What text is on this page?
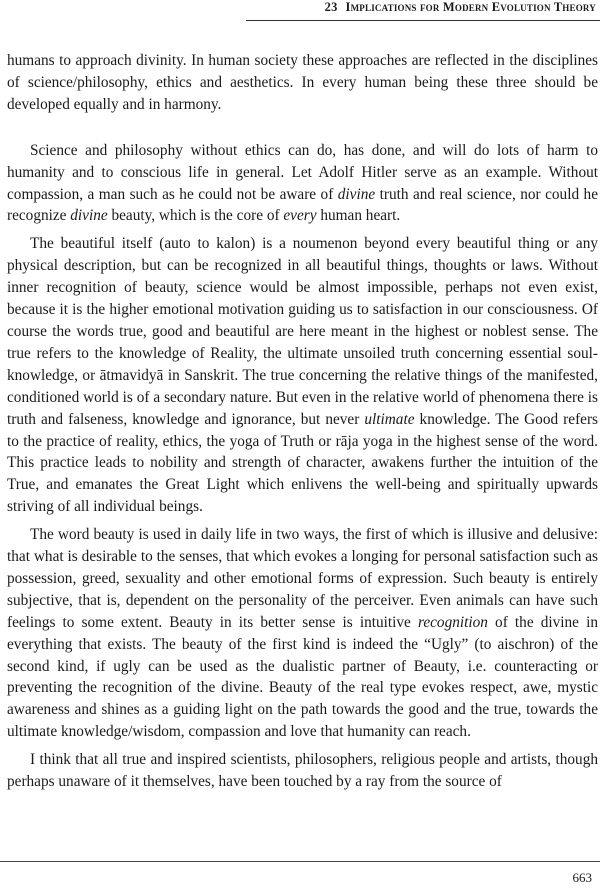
23 Implications for Modern Evolution Theory

humans to approach divinity. In human society these approaches are reflected in the disciplines of science/philosophy, ethics and aesthetics. In every human being these three should be developed equally and in harmony.

Science and philosophy without ethics can do, has done, and will do lots of harm to humanity and to conscious life in general. Let Adolf Hitler serve as an example. Without compassion, a man such as he could not be aware of divine truth and real science, nor could he recognize divine beauty, which is the core of every human heart.

The beautiful itself (auto to kalon) is a noumenon beyond every beautiful thing or any physical description, but can be recognized in all beautiful things, thoughts or laws. Without inner recognition of beauty, science would be almost impossible, perhaps not even exist, because it is the higher emotional motivation guiding us to satisfaction in our consciousness. Of course the words true, good and beautiful are here meant in the highest or noblest sense. The true refers to the knowledge of Reality, the ultimate unsoiled truth concerning essential soul-knowledge, or ātmavidyā in Sanskrit. The true concerning the relative things of the manifested, conditioned world is of a secondary nature. But even in the relative world of phenomena there is truth and falseness, knowledge and ignorance, but never ultimate knowledge. The Good refers to the practice of reality, ethics, the yoga of Truth or rāja yoga in the highest sense of the word. This practice leads to nobility and strength of character, awakens further the intuition of the True, and emanates the Great Light which enlivens the well-being and spiritually upwards striving of all individual beings.

The word beauty is used in daily life in two ways, the first of which is illusive and delusive: that what is desirable to the senses, that which evokes a longing for personal satisfaction such as possession, greed, sexuality and other emotional forms of expression. Such beauty is entirely subjective, that is, dependent on the personality of the perceiver. Even animals can have such feelings to some extent. Beauty in its better sense is intuitive recognition of the divine in everything that exists. The beauty of the first kind is indeed the “Ugly” (to aischron) of the second kind, if ugly can be used as the dualistic partner of Beauty, i.e. counteracting or preventing the recognition of the divine. Beauty of the real type evokes respect, awe, mystic awareness and shines as a guiding light on the path towards the good and the true, towards the ultimate knowledge/wisdom, compassion and love that humanity can reach.

I think that all true and inspired scientists, philosophers, religious people and artists, though perhaps unaware of it themselves, have been touched by a ray from the source of

663
